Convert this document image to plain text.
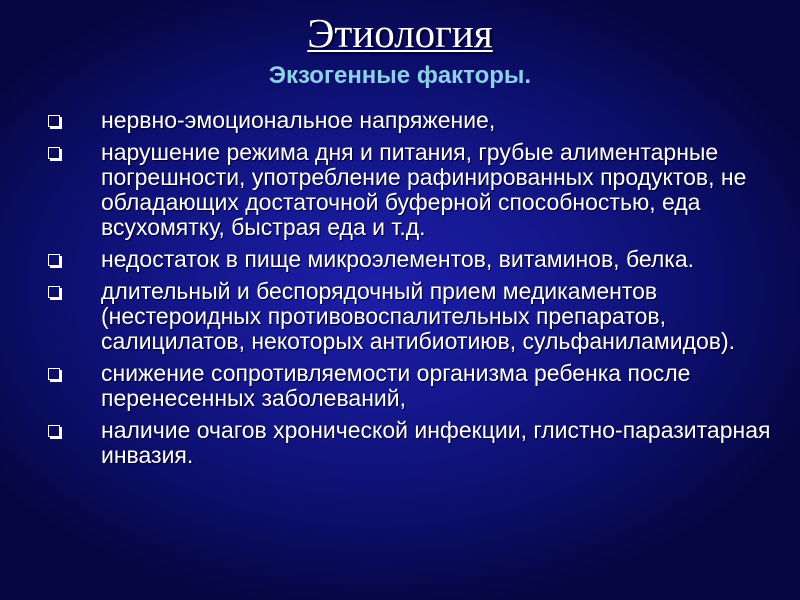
Этиология
Экзогенные факторы.
нервно-эмоциональное напряжение,
нарушение режима дня и питания, грубые алиментарные погрешности, употребление рафинированных продуктов, не обладающих достаточной буферной способностью, еда всухомятку, быстрая еда и т.д.
недостаток в пище микроэлементов, витаминов, белка.
длительный и беспорядочный прием медикаментов (нестероидных противовоспалительных препаратов, салицилатов, некоторых антибиотиюв, сульфаниламидов).
снижение сопротивляемости организма ребенка после перенесенных заболеваний,
наличие очагов хронической инфекции, глистно-паразитарная инвазия.
